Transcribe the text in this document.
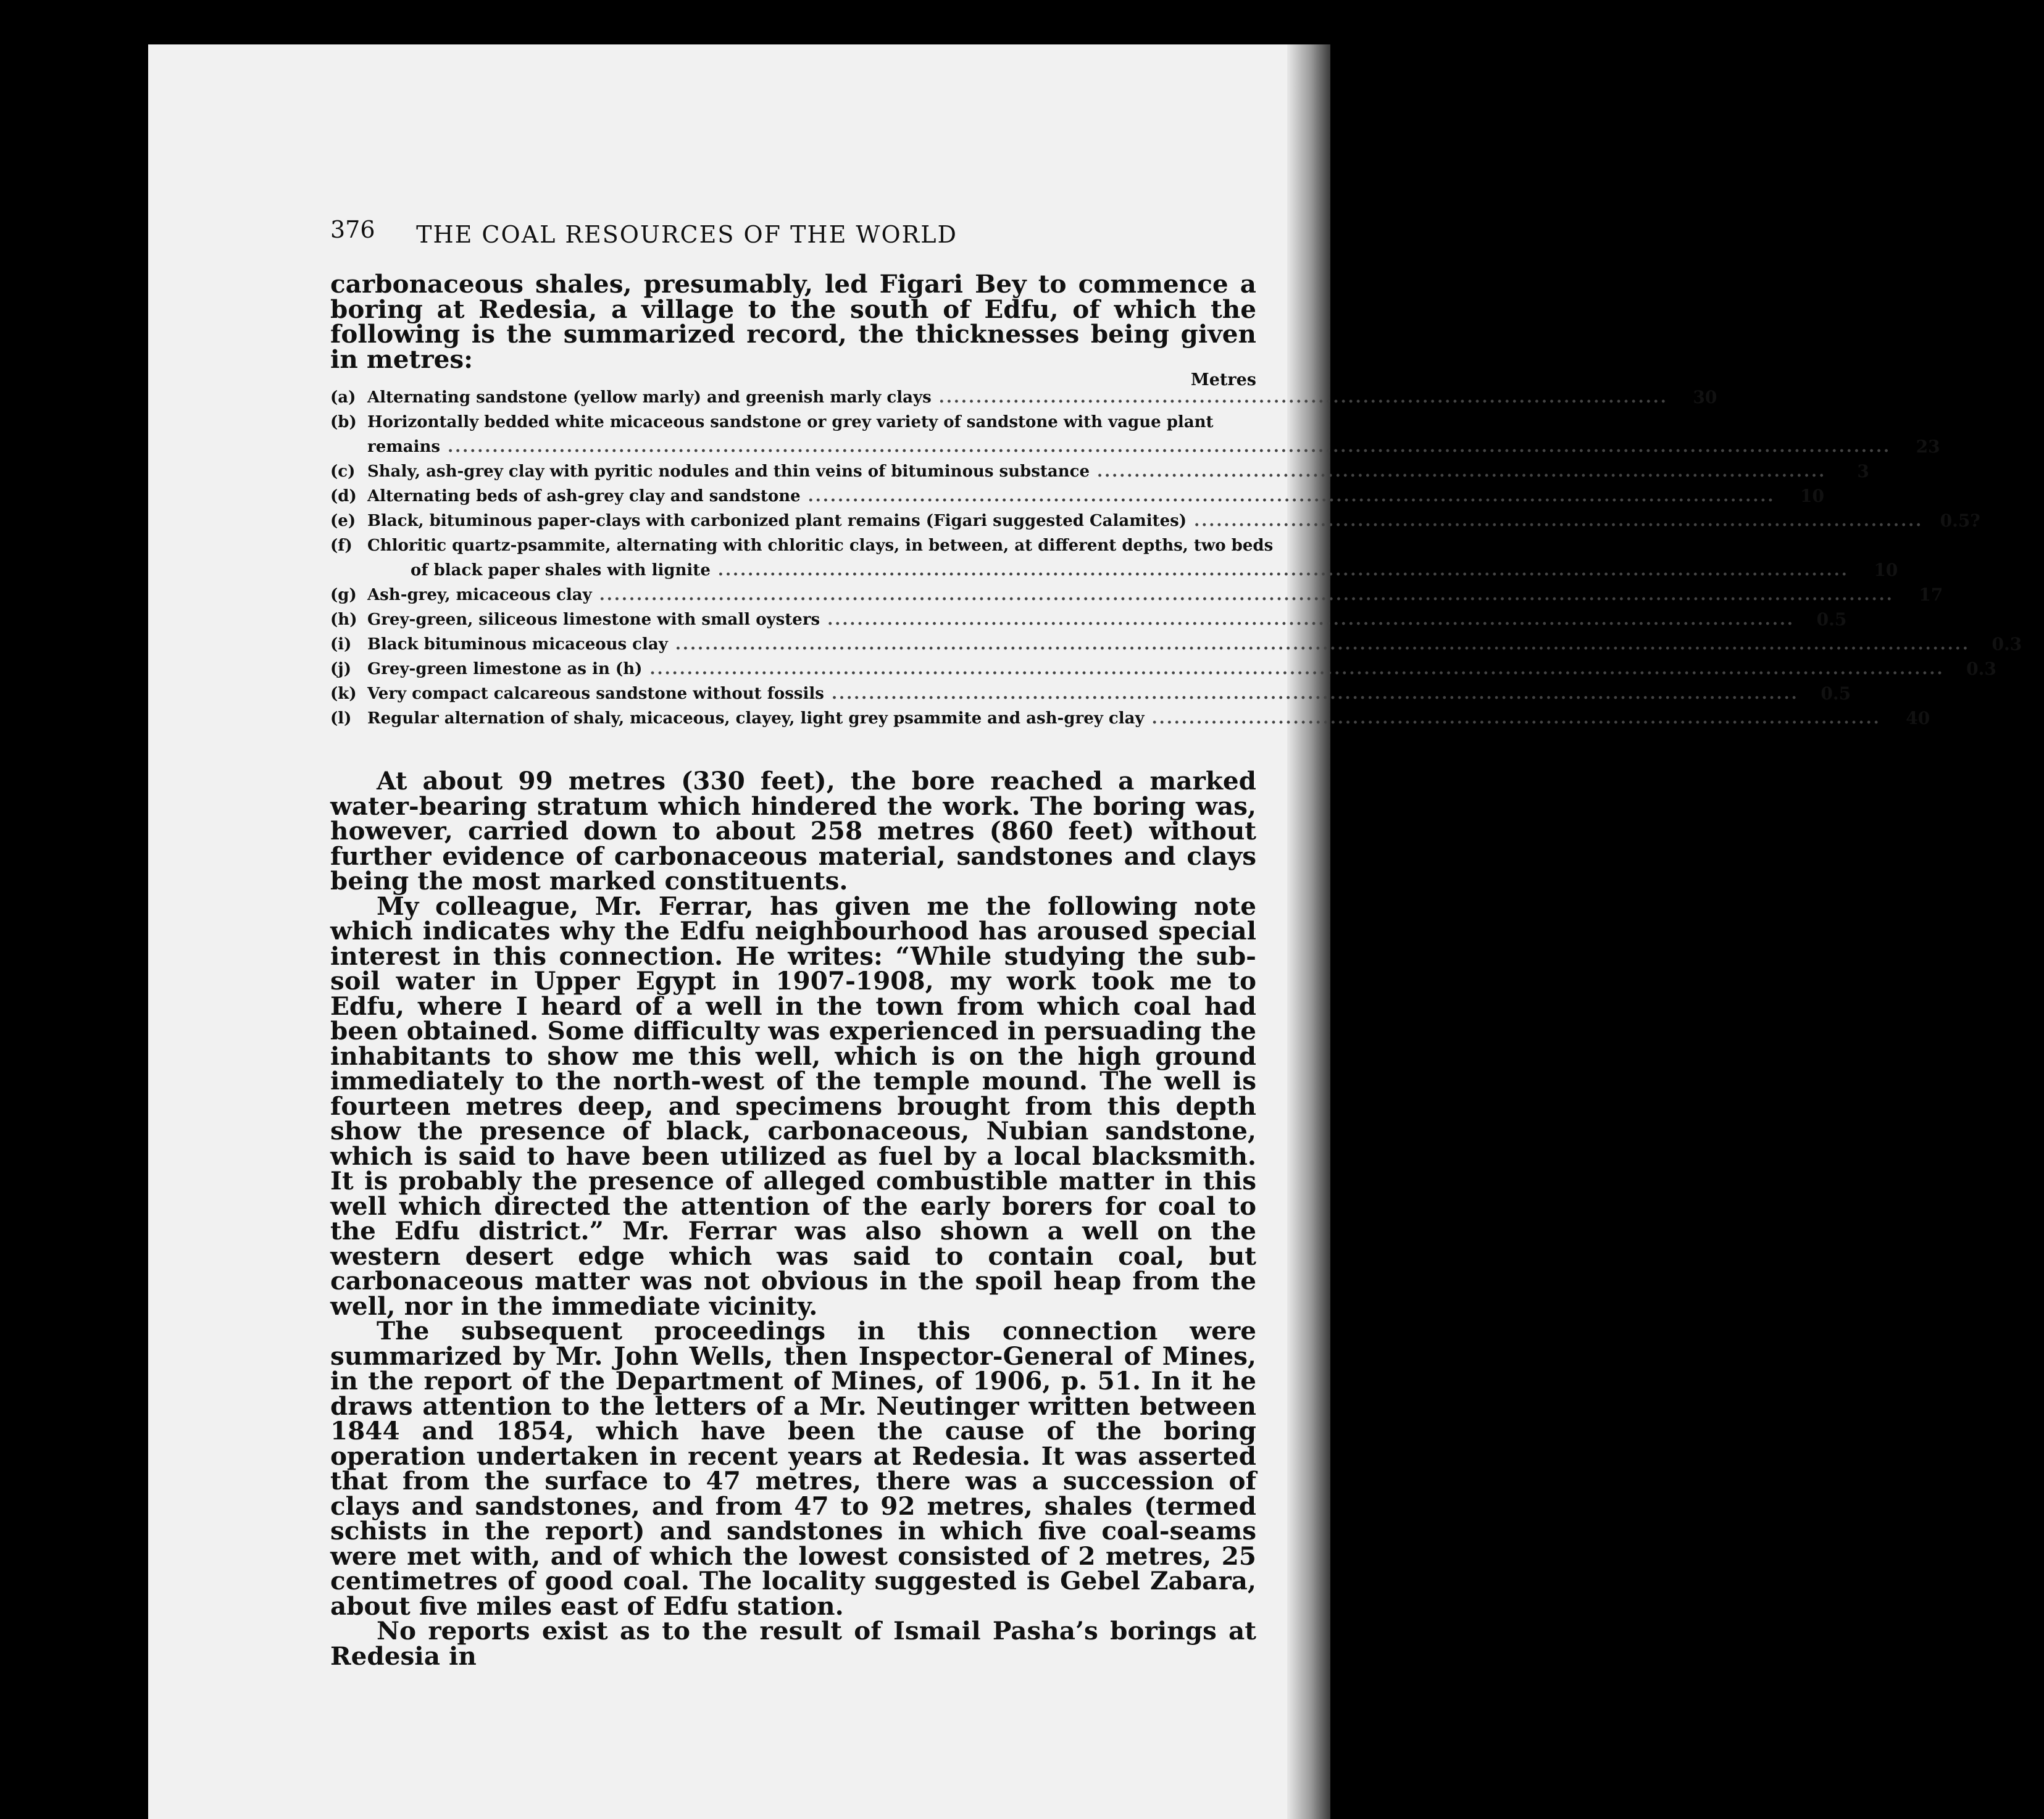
376	THE COAL RESOURCES OF THE WORLD

carbonaceous shales, presumably, led Figari Bey to commence a boring at Redesia, a village to the south of Edfu, of which the following is the summarized record, the thicknesses being given in metres:

Metres
(a) Alternating sandstone (yellow marly) and greenish marly clays ..................................................................................................	30
(b) Horizontally bedded white micaceous sandstone or grey variety of sandstone with vague plant
remains ..................................................................................................................................................................................................	23
(c) Shaly, ash-grey clay with pyritic nodules and thin veins of bituminous substance ..................................................................................................	3
(d) Alternating beds of ash-grey clay and sandstone ..................................................................................................................................	10
(e) Black, bituminous paper-clays with carbonized plant remains (Figari suggested Calamites) .................................................................................................. 0.5?
(f) Chloritic quartz-psammite, alternating with chloritic clays, in between, at different depths, two beds
of black paper shales with lignite ........................................................................................................................................................	10
(g) Ash-grey, micaceous clay ..............................................................................................................................................................................	17
(h) Grey-green, siliceous limestone with small oysters ..................................................................................................................................	0.5
(i) Black bituminous micaceous clay ..............................................................................................................................................................................	0.3
(j) Grey-green limestone as in (h) ..............................................................................................................................................................................	0.3
(k) Very compact calcareous sandstone without fossils ..................................................................................................................................	0.5
(l) Regular alternation of shaly, micaceous, clayey, light grey psammite and ash-grey clay ..................................................................................................	40

At about 99 metres (330 feet), the bore reached a marked water-bearing stratum which hindered the work. The boring was, however, carried down to about 258 metres (860 feet) without further evidence of carbonaceous material, sandstones and clays being the most marked constituents.

My colleague, Mr. Ferrar, has given me the following note which indicates why the Edfu neighbourhood has aroused special interest in this connection. He writes: “While studying the sub-soil water in Upper Egypt in 1907-1908, my work took me to Edfu, where I heard of a well in the town from which coal had been obtained. Some difficulty was experienced in persuading the inhabitants to show me this well, which is on the high ground immediately to the north-west of the temple mound. The well is fourteen metres deep, and specimens brought from this depth show the presence of black, carbonaceous, Nubian sandstone, which is said to have been utilized as fuel by a local blacksmith. It is probably the presence of alleged combustible matter in this well which directed the attention of the early borers for coal to the Edfu district.” Mr. Ferrar was also shown a well on the western desert edge which was said to contain coal, but carbonaceous matter was not obvious in the spoil heap from the well, nor in the immediate vicinity.

The subsequent proceedings in this connection were summarized by Mr. John Wells, then Inspector-General of Mines, in the report of the Department of Mines, of 1906, p. 51. In it he draws attention to the letters of a Mr. Neutinger written between 1844 and 1854, which have been the cause of the boring operation undertaken in recent years at Redesia. It was asserted that from the surface to 47 metres, there was a succession of clays and sandstones, and from 47 to 92 metres, shales (termed schists in the report) and sandstones in which five coal-seams were met with, and of which the lowest consisted of 2 metres, 25 centimetres of good coal. The locality suggested is Gebel Zabara, about five miles east of Edfu station.

No reports exist as to the result of Ismail Pasha’s borings at Redesia in
